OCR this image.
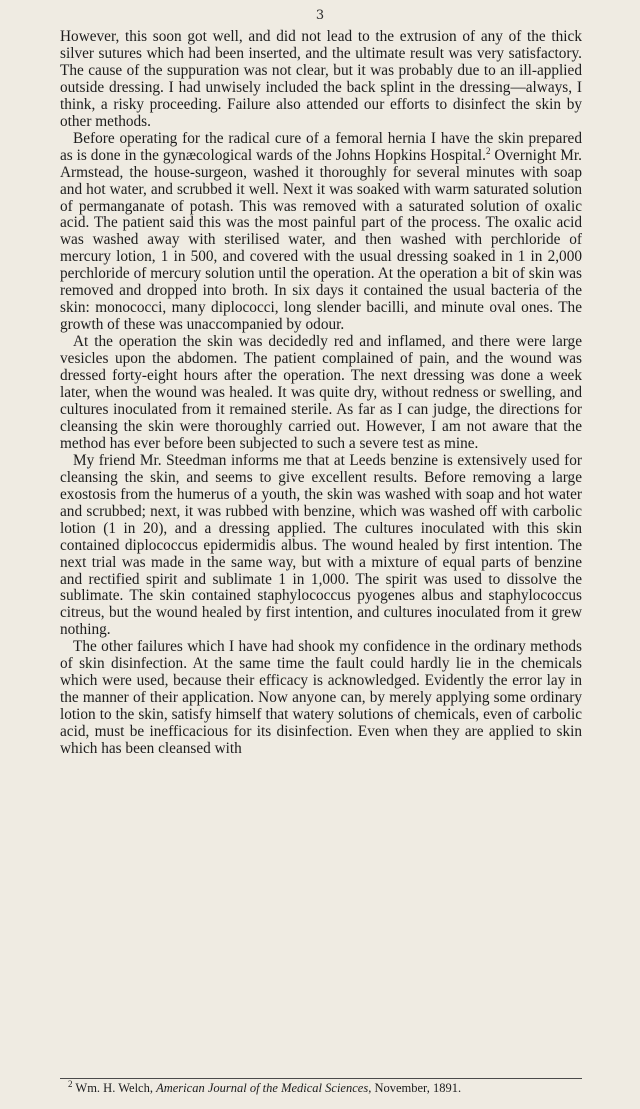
3

However, this soon got well, and did not lead to the extrusion of any of the thick silver sutures which had been inserted, and the ultimate result was very satisfactory. The cause of the suppuration was not clear, but it was probably due to an ill-applied outside dressing. I had unwisely included the back splint in the dressing—always, I think, a risky proceeding. Failure also attended our efforts to disinfect the skin by other methods.

Before operating for the radical cure of a femoral hernia I have the skin prepared as is done in the gynæcological wards of the Johns Hopkins Hospital.$^2$ Overnight Mr. Armstead, the house-surgeon, washed it thoroughly for several minutes with soap and hot water, and scrubbed it well. Next it was soaked with warm saturated solution of permanganate of potash. This was removed with a saturated solution of oxalic acid. The patient said this was the most painful part of the process. The oxalic acid was washed away with sterilised water, and then washed with perchloride of mercury lotion, 1 in 500, and covered with the usual dressing soaked in 1 in 2,000 perchloride of mercury solution until the operation. At the operation a bit of skin was removed and dropped into broth. In six days it contained the usual bacteria of the skin: monococci, many diplococci, long slender bacilli, and minute oval ones. The growth of these was unaccompanied by odour.

At the operation the skin was decidedly red and inflamed, and there were large vesicles upon the abdomen. The patient complained of pain, and the wound was dressed forty-eight hours after the operation. The next dressing was done a week later, when the wound was healed. It was quite dry, without redness or swelling, and cultures inoculated from it remained sterile. As far as I can judge, the directions for cleansing the skin were thoroughly carried out. However, I am not aware that the method has ever before been subjected to such a severe test as mine.

My friend Mr. Steedman informs me that at Leeds benzine is extensively used for cleansing the skin, and seems to give excellent results. Before removing a large exostosis from the humerus of a youth, the skin was washed with soap and hot water and scrubbed; next, it was rubbed with benzine, which was washed off with carbolic lotion (1 in 20), and a dressing applied. The cultures inoculated with this skin contained diplococcus epidermidis albus. The wound healed by first intention. The next trial was made in the same way, but with a mixture of equal parts of benzine and rectified spirit and sublimate 1 in 1,000. The spirit was used to dissolve the sublimate. The skin contained staphylococcus pyogenes albus and staphylococcus citreus, but the wound healed by first intention, and cultures inoculated from it grew nothing.

The other failures which I have had shook my confidence in the ordinary methods of skin disinfection. At the same time the fault could hardly lie in the chemicals which were used, because their efficacy is acknowledged. Evidently the error lay in the manner of their application. Now anyone can, by merely applying some ordinary lotion to the skin, satisfy himself that watery solutions of chemicals, even of carbolic acid, must be inefficacious for its disinfection. Even when they are applied to skin which has been cleansed with

$^2$ Wm. H. Welch, American Journal of the Medical Sciences, November, 1891.
